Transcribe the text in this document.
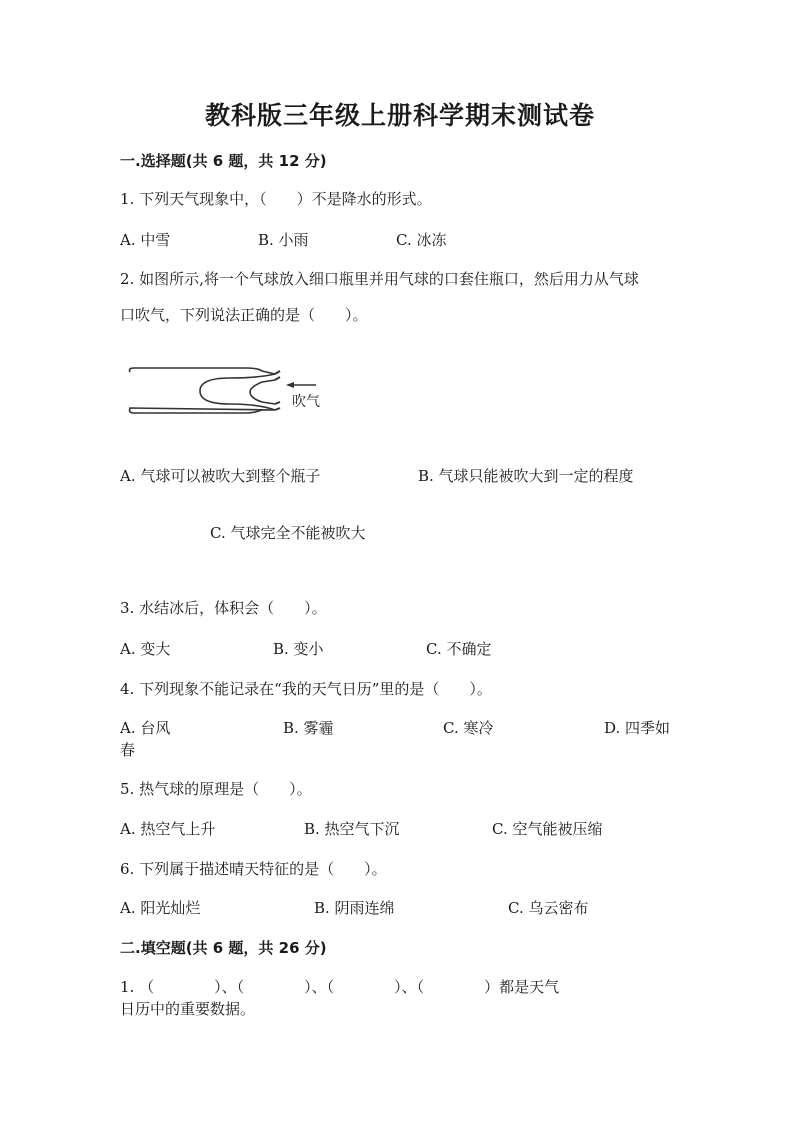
教科版三年级上册科学期末测试卷
一.选择题(共 6 题，共 12 分)
1. 下列天气现象中，（　　）不是降水的形式。
A. 中雪	B. 小雨	C. 冰冻
2. 如图所示,将一个气球放入细口瓶里并用气球的口套住瓶口，然后用力从气球
口吹气，下列说法正确的是（　　）。
吹气
A. 气球可以被吹大到整个瓶子	B. 气球只能被吹大到一定的程度
C. 气球完全不能被吹大
3. 水结冰后，体积会（　　）。
A. 变大	B. 变小	C. 不确定
4. 下列现象不能记录在“我的天气日历”里的是（　　）。
A. 台风	B. 雾霾	C. 寒冷	D. 四季如
春
5. 热气球的原理是（　　）。
A. 热空气上升	B. 热空气下沉	C. 空气能被压缩
6. 下列属于描述晴天特征的是（　　）。
A. 阳光灿烂	B. 阴雨连绵	C. 乌云密布
二.填空题(共 6 题，共 26 分)
1. （　　　　）、（　　　　）、（　　　　）、（　　　　）都是天气
日历中的重要数据。
